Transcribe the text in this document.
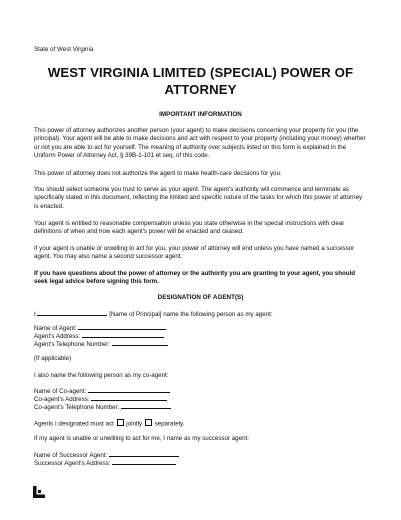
State of West Virginia
WEST VIRGINIA LIMITED (SPECIAL) POWER OF ATTORNEY
IMPORTANT INFORMATION

This power of attorney authorizes another person (your agent) to make decisions concerning your property for you (the principal). Your agent will be able to make decisions and act with respect to your property (including your money) whether or not you are able to act for yourself. The meaning of authority over subjects listed on this form is explained in the Uniform Power of Attorney Act, § 39B-1-101 et seq. of this code.

This power of attorney does not authorize the agent to make health-care decisions for you.

You should select someone you trust to serve as your agent. The agent's authority will commence and terminate as specifically stated in this document, reflecting the limited and specific nature of the tasks for which this power of attorney is enacted.

Your agent is entitled to reasonable compensation unless you state otherwise in the special instructions with clear definitions of when and how each agent's power will be enacted and ceased.

If your agent is unable or unwilling to act for you, your power of attorney will end unless you have named a successor agent. You may also name a second successor agent.

If you have questions about the power of attorney or the authority you are granting to your agent, you should seek legal advice before signing this form.

DESIGNATION OF AGENT(S)
I	[Name of Principal] name the following person as my agent:
Name of Agent:
Agent's Address:
Agent's Telephone Number:
(If applicable)
I also name the following person as my co-agent:
Name of Co-agent:
Co-agent's Address:
Co-agent's Telephone Number:
Agents I designated must act jointly separately.
If my agent is unable or unwilling to act for me, I name as my successor agent:
Name of Successor Agent:
Successor Agent's Address:
